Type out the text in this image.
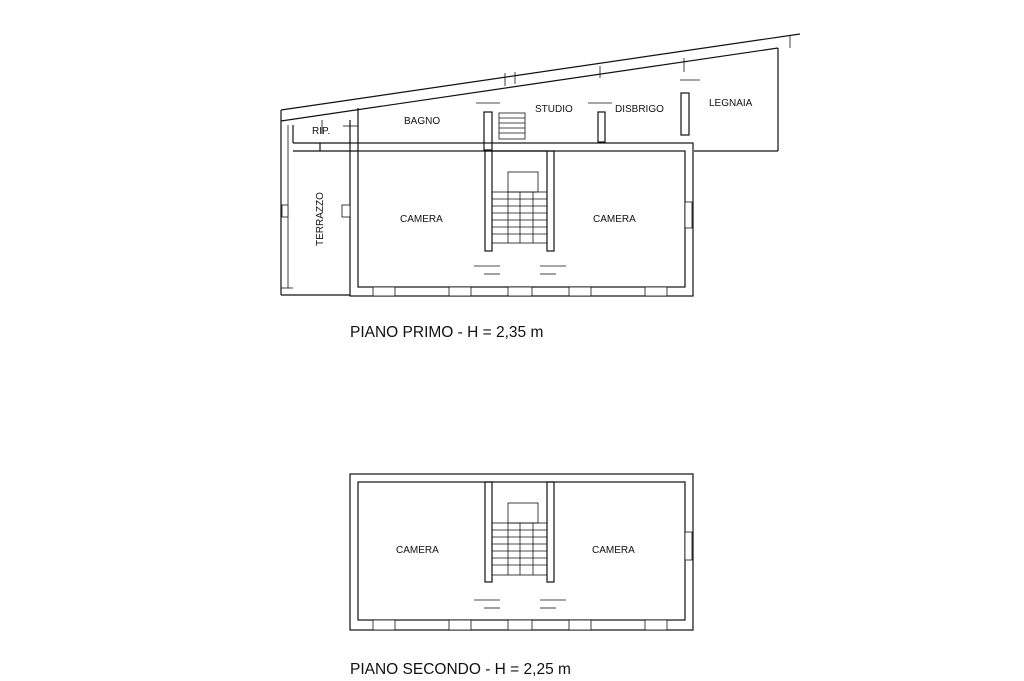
RIP.
BAGNO
STUDIO	DISBRIGO
LEGNAIA
TERRAZZO	CAMERA	CAMERA
PIANO PRIMO - H = 2,35 m
CAMERA	CAMERA
PIANO SECONDO - H = 2,25 m
